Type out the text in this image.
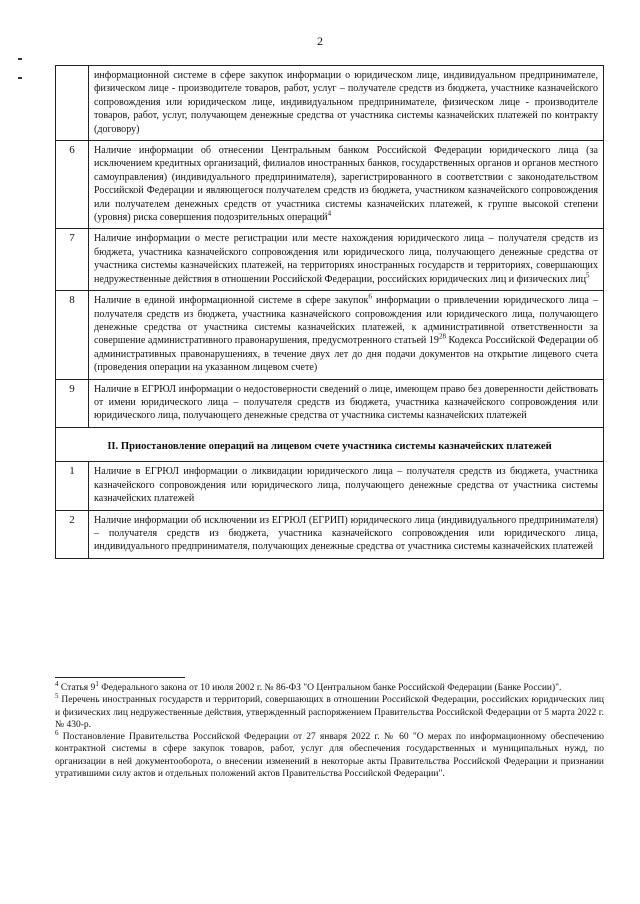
2
	информационной системе в сфере закупок информации о юридическом лице, индивидуальном предпринимателе, физическом лице - производителе товаров, работ, услуг – получателе средств из бюджета, участнике казначейского сопровождения или юридическом лице, индивидуальном предпринимателе, физическом лице - производителе товаров, работ, услуг, получающем денежные средства от участника системы казначейских платежей по контракту (договору)
6	Наличие информации об отнесении Центральным банком Российской Федерации юридического лица (за исключением кредитных организаций, филиалов иностранных банков, государственных органов и органов местного самоуправления) (индивидуального предпринимателя), зарегистрированного в соответствии с законодательством Российской Федерации и являющегося получателем средств из бюджета, участником казначейского сопровождения или получателем денежных средств от участника системы казначейских платежей, к группе высокой степени (уровня) риска совершения подозрительных операций$^4$
7	Наличие информации о месте регистрации или месте нахождения юридического лица – получателя средств из бюджета, участника казначейского сопровождения или юридического лица, получающего денежные средства от участника системы казначейских платежей, на территориях иностранных государств и территориях, совершающих недружественные действия в отношении Российской Федерации, российских юридических лиц и физических лиц$^5$
8	Наличие в единой информационной системе в сфере закупок$^6$ информации о привлечении юридического лица – получателя средств из бюджета, участника казначейского сопровождения или юридического лица, получающего денежные средства от участника системы казначейских платежей, к административной ответственности за совершение административного правонарушения, предусмотренного статьей $19^{28}$ Кодекса Российской Федерации об административных правонарушениях, в течение двух лет до дня подачи документов на открытие лицевого счета (проведения операции на указанном лицевом счете)
9	Наличие в ЕГРЮЛ информации о недостоверности сведений о лице, имеющем право без доверенности действовать от имени юридического лица – получателя средств из бюджета, участника казначейского сопровождения или юридического лица, получающего денежные средства от участника системы казначейских платежей
II. Приостановление операций на лицевом счете участника системы казначейских платежей	
1	Наличие в ЕГРЮЛ информации о ликвидации юридического лица – получателя средств из бюджета, участника казначейского сопровождения или юридического лица, получающего денежные средства от участника системы казначейских платежей
2	Наличие информации об исключении из ЕГРЮЛ (ЕГРИП) юридического лица (индивидуального предпринимателя) – получателя средств из бюджета, участника казначейского сопровождения или юридического лица, индивидуального предпринимателя, получающих денежные средства от участника системы казначейских платежей
$^4$ Статья $9^1$ Федерального закона от 10 июля 2002 г. № 86-ФЗ "О Центральном банке Российской Федерации (Банке России)".
$^5$ Перечень иностранных государств и территорий, совершающих в отношении Российской Федерации, российских юридических лиц и физических лиц недружественные действия, утвержденный распоряжением Правительства Российской Федерации от 5 марта 2022 г. № 430-р.
$^6$ Постановление Правительства Российской Федерации от 27 января 2022 г. № 60 "О мерах по информационному обеспечению контрактной системы в сфере закупок товаров, работ, услуг для обеспечения государственных и муниципальных нужд, по организации в ней документооборота, о внесении изменений в некоторые акты Правительства Российской Федерации и признании утратившими силу актов и отдельных положений актов Правительства Российской Федерации".
